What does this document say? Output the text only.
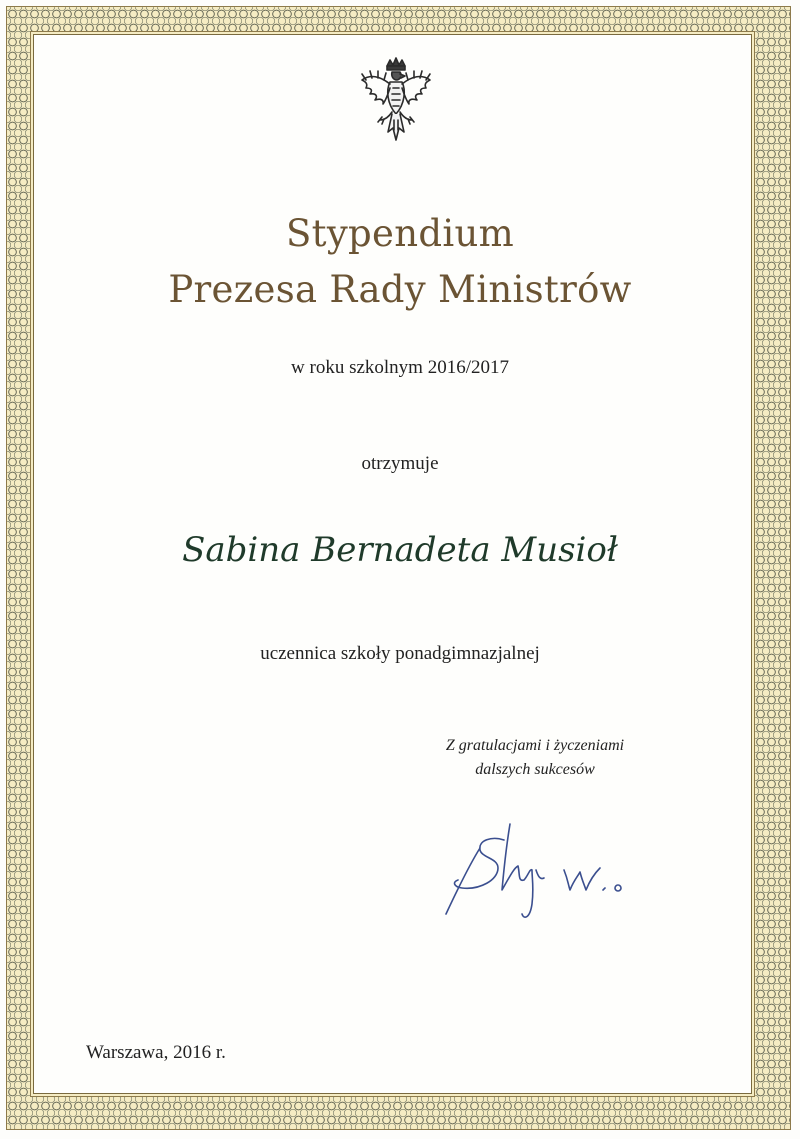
Stypendium
Prezesa Rady Ministrów
w roku szkolnym 2016/2017
otrzymuje
Sabina Bernadeta Musioł
uczennica szkoły ponadgimnazjalnej
Z gratulacjami i życzeniami
dalszych sukcesów
Warszawa, 2016 r.
